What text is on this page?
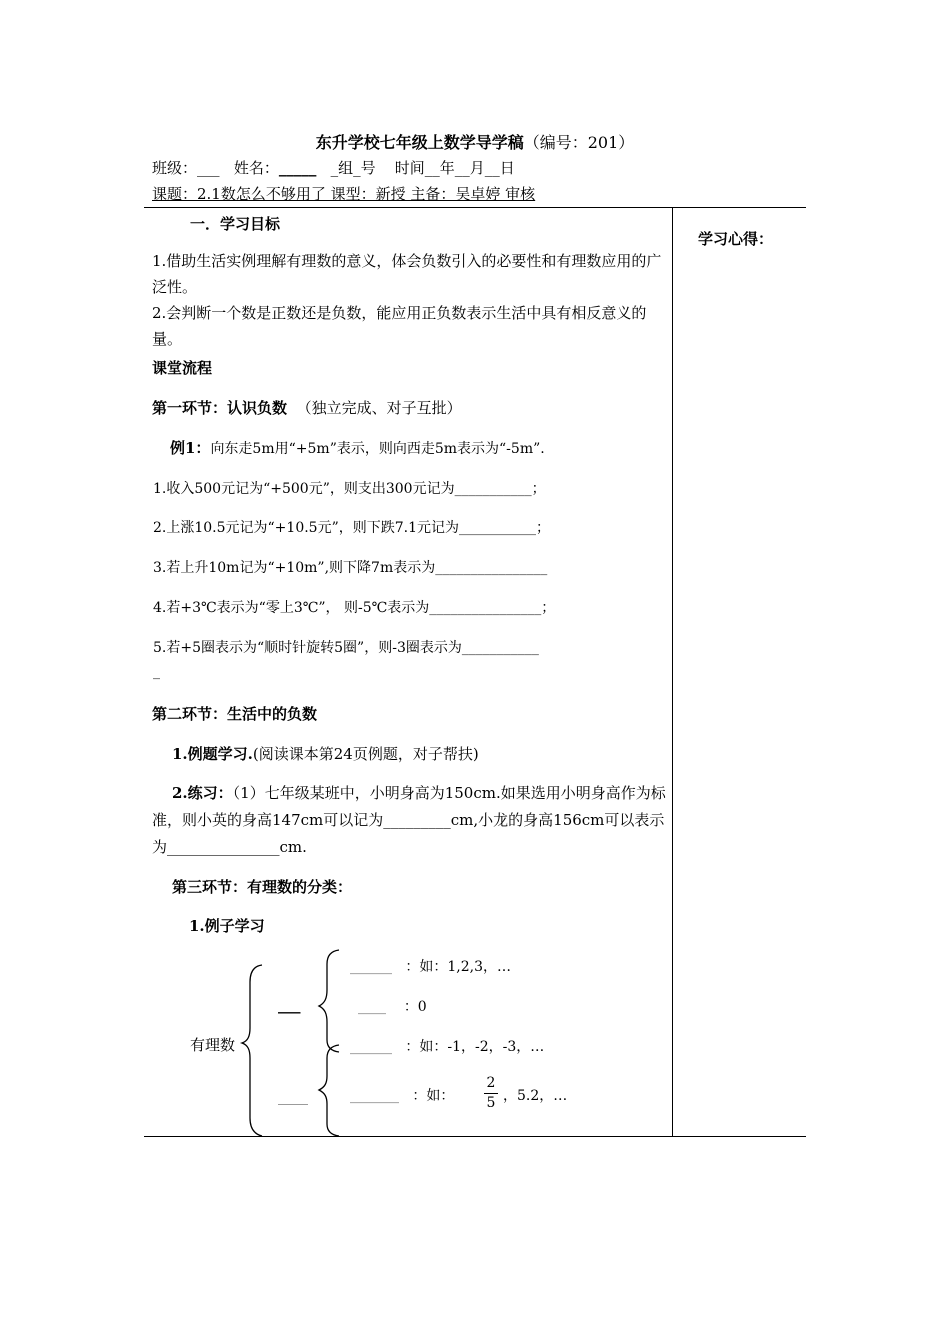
东升学校七年级上数学导学稿（编号：201）
班级：___ 姓名：_____ _组_号 时间__年__月__日
课题：2.1数怎么不够用了 课型：新授 主备：吴卓婷 审核
学习心得：
一．学习目标
1.借助生活实例理解有理数的意义，体会负数引入的必要性和有理数应用的广泛性。
2.会判断一个数是正数还是负数，能应用正负数表示生活中具有相反意义的量。
课堂流程
第一环节：认识负数 （独立完成、对子互批）
例1：向东走5m用“+5m”表示，则向西走5m表示为“-5m”.
1.收入500元记为“+500元”，则支出300元记为___________；
2.上涨10.5元记为“+10.5元”，则下跌7.1元记为___________；
3.若上升10m记为“+10m”,则下降7m表示为________________
4.若+3℃表示为“零上3℃”， 则-5℃表示为________________；
5.若+5圈表示为“顺时针旋转5圈”，则-3圈表示为___________
_
第二环节：生活中的负数
1.例题学习.(阅读课本第24页例题，对子帮扶)
2.练习：（1）七年级某班中，小明身高为150cm.如果选用小明身高作为标准，则小英的身高147cm可以记为_________cm,小龙的身高156cm可以表示为_______________cm.
第三环节：有理数的分类：
1.例子学习
有理数
___
____
______ ：如：1,2,3，…
____ ：0
______ ：如：-1，-2，-3，…
_______ ：如：
2
5 ，5.2，…
